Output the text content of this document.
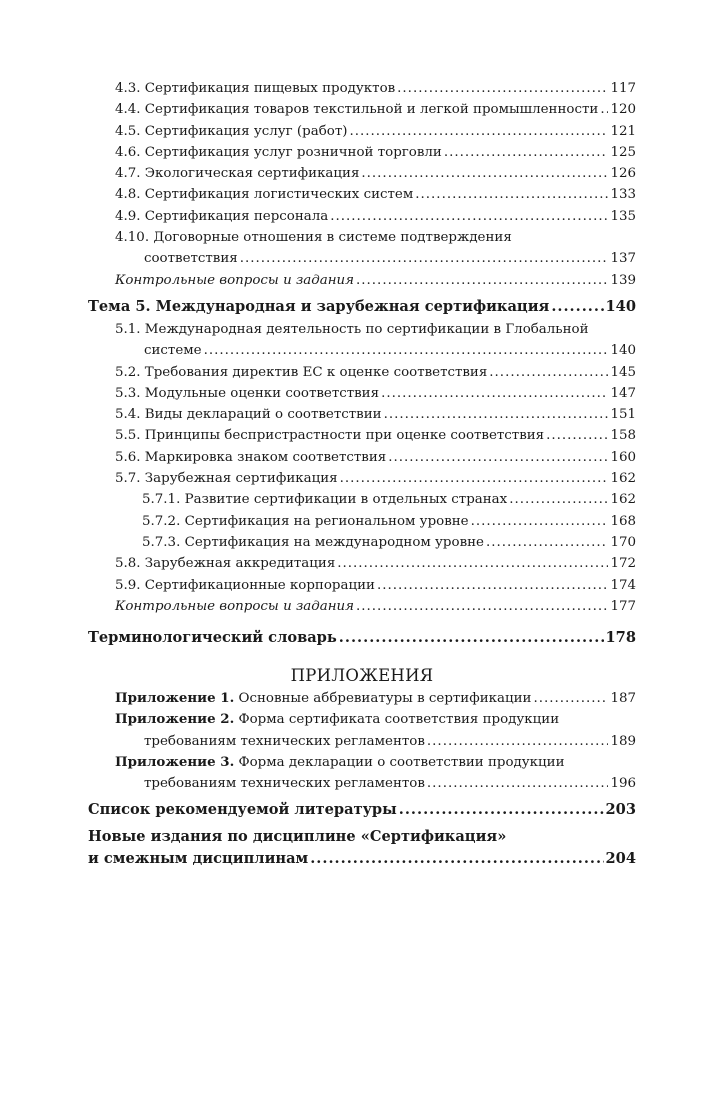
4.3. Сертификация пищевых продуктов .....	117
4.4. Сертификация товаров текстильной и легкой промышленности ..... 120
4.5. Сертификация услуг (работ) .....	121
4.6. Сертификация услуг розничной торговли .....	125
4.7. Экологическая сертификация .....	126
4.8. Сертификация логистических систем .....	133
4.9. Сертификация персонала .....	135
4.10. Договорные отношения в системе подтверждения
соответствия .....	137
Контрольные вопросы и задания .....	139
Тема 5. Международная и зарубежная сертификация .....	140
5.1. Международная деятельность по сертификации в Глобальной
системе .....	140
5.2. Требования директив ЕС к оценке соответствия .....	145
5.3. Модульные оценки соответствия .....	147
5.4. Виды деклараций о соответствии .....	151
5.5. Принципы беспристрастности при оценке соответствия .....	158
5.6. Маркировка знаком соответствия .....	160
5.7. Зарубежная сертификация .....	162
5.7.1. Развитие сертификации в отдельных странах .....	162
5.7.2. Сертификация на региональном уровне .....	168
5.7.3. Сертификация на международном уровне .....	170
5.8. Зарубежная аккредитация .....	172
5.9. Сертификационные корпорации .....	174
Контрольные вопросы и задания .....	177
Терминологический словарь .....	178
ПРИЛОЖЕНИЯ
Приложение 1. Основные аббревиатуры в сертификации .....	187
Приложение 2. Форма сертификата соответствия продукции
требованиям технических регламентов .....	189
Приложение 3. Форма декларации о соответствии продукции
требованиям технических регламентов .....	196
Список рекомендуемой литературы .....	203
Новые издания по дисциплине «Сертификация»
и смежным дисциплинам .....	204
